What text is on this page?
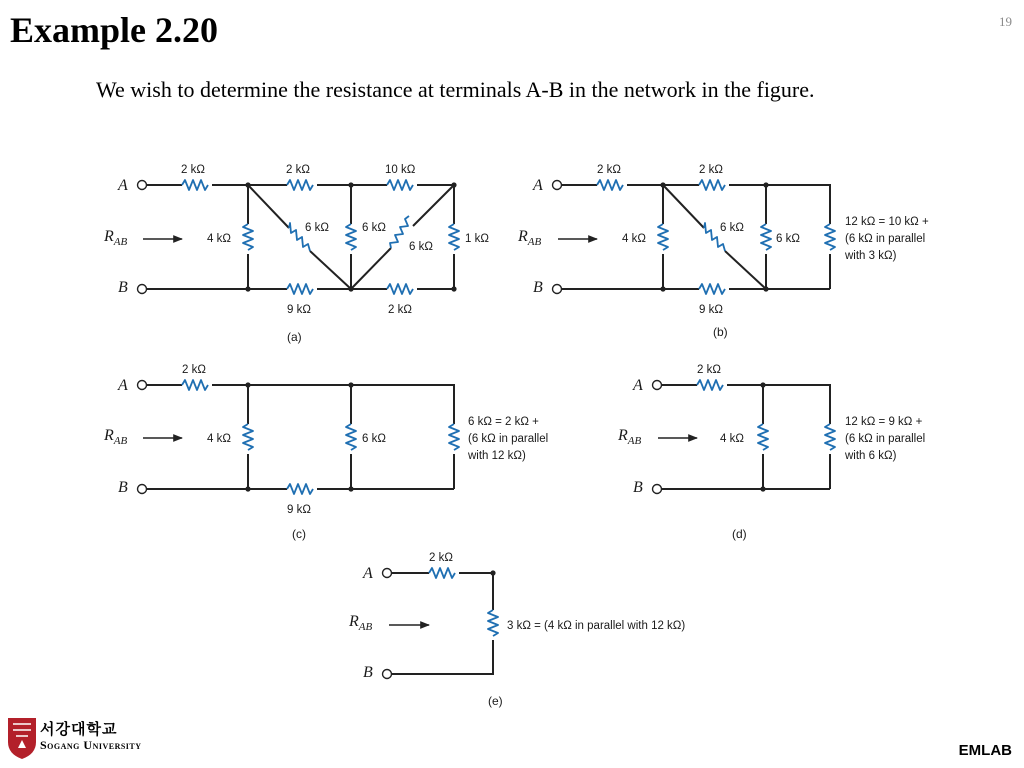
Example 2.20	19
We wish to determine the resistance at terminals A-B in the network in the figure.
A
B
$R_{AB}$
2 kΩ	2 kΩ	10 kΩ
4 kΩ
6 kΩ	6 kΩ
6 kΩ
1 kΩ
9 kΩ	2 kΩ
(a)
A
B
$R_{AB}$
2 kΩ	2 kΩ
4 kΩ
6 kΩ
6 kΩ
9 kΩ
12 kΩ = 10 kΩ +
(6 kΩ in parallel
with 3 kΩ)
(b)
A
B
$R_{AB}$
2 kΩ
4 kΩ	6 kΩ
9 kΩ
6 kΩ = 2 kΩ +
(6 kΩ in parallel
with 12 kΩ)
(c)
A
B
$R_{AB}$
2 kΩ
4 kΩ
12 kΩ = 9 kΩ +
(6 kΩ in parallel
with 6 kΩ)
(d)
A
B
$R_{AB}$
2 kΩ
3 kΩ = (4 kΩ in parallel with 12 kΩ)
(e)
서강대학교
Sogang University	EMLAB
